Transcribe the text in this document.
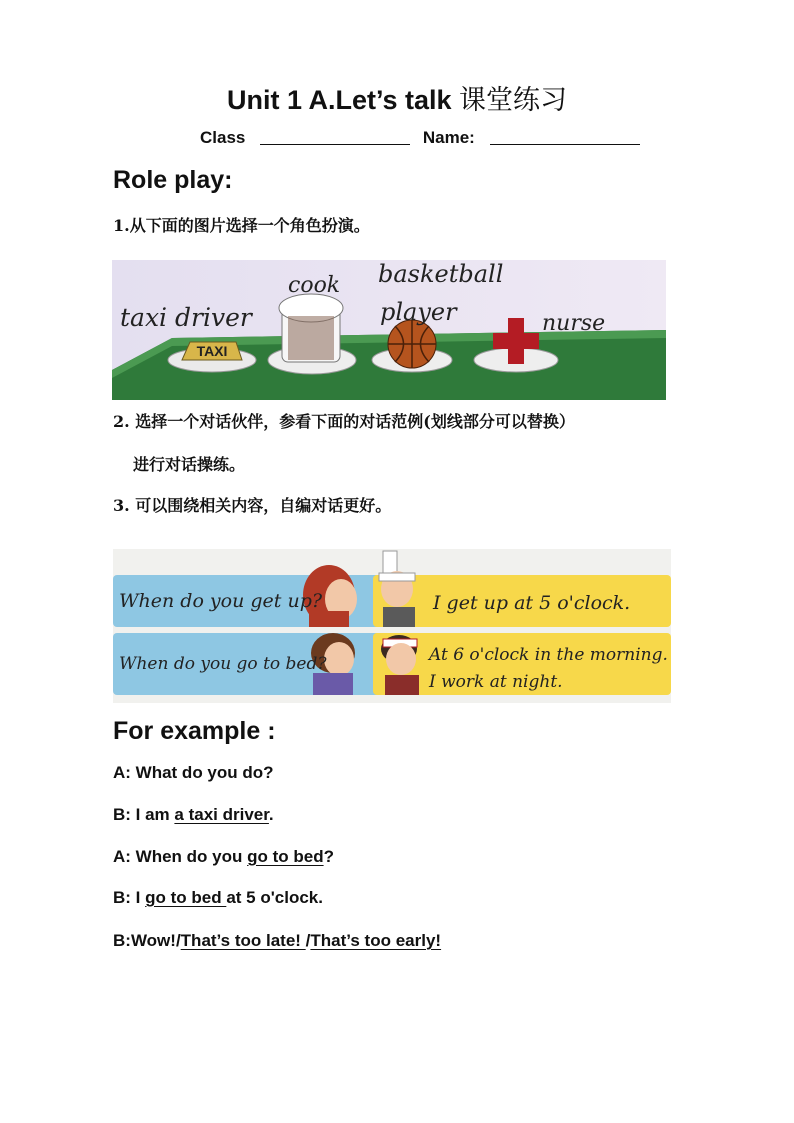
Unit 1 A.Let’s talk 课堂练习
Class	Name:
Role play:
1.从下面的图片选择一个角色扮演。
TAXI
taxi driver
cook basketball
player	nurse
2. 选择一个对话伙伴，参看下面的对话范例(划线部分可以替换）
进行对话操练。
3. 可以围绕相关内容，自编对话更好。
When do you get up?	I get up at 5 o'clock.
When do you go to bed?	At 6 o'clock in the morning.
I work at night.
For example :
A: What do you do?
B: I am a taxi driver.
A: When do you go to bed?
B: I go to bed at 5 o'clock.
B:Wow!/That’s too late! /That’s too early!
